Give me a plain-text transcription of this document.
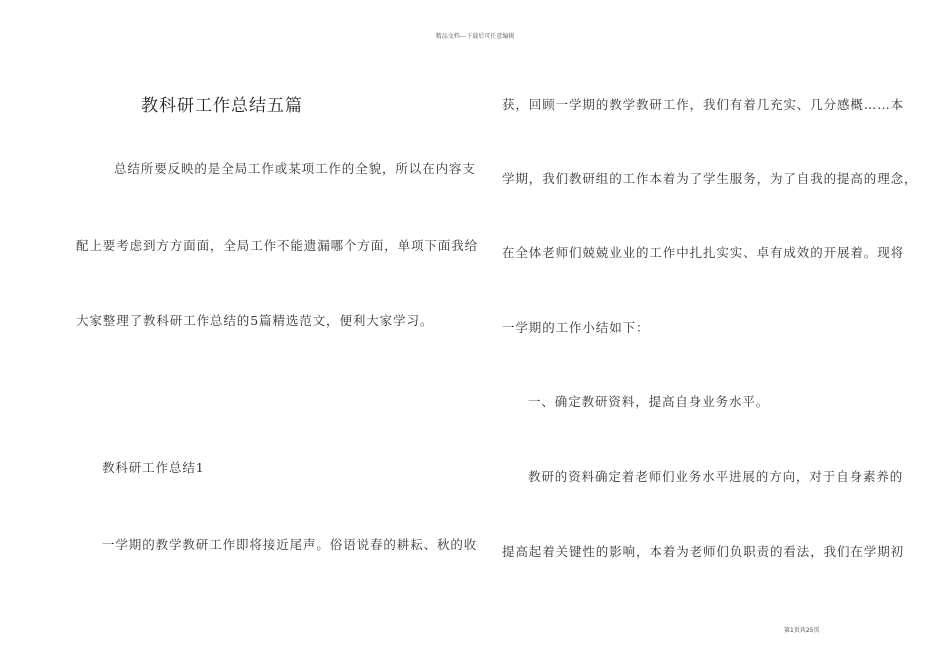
精品文档---下载后可任意编辑
教科研工作总结五篇
总结所要反映的是全局工作或某项工作的全貌，所以在内容支
配上要考虑到方方面面，全局工作不能遗漏哪个方面，单项下面我给
大家整理了教科研工作总结的5篇精选范文，便利大家学习。
教科研工作总结1
一学期的教学教研工作即将接近尾声。俗语说春的耕耘、秋的收
获，回顾一学期的教学教研工作，我们有着几充实、几分感概……本
学期，我们教研组的工作本着为了学生服务，为了自我的提高的理念，
在全体老师们兢兢业业的工作中扎扎实实、卓有成效的开展着。现将
一学期的工作小结如下：
一、确定教研资料，提高自身业务水平。
教研的资料确定着老师们业务水平进展的方向，对于自身素养的
提高起着关键性的影响，本着为老师们负职责的看法，我们在学期初
第1页共25页
